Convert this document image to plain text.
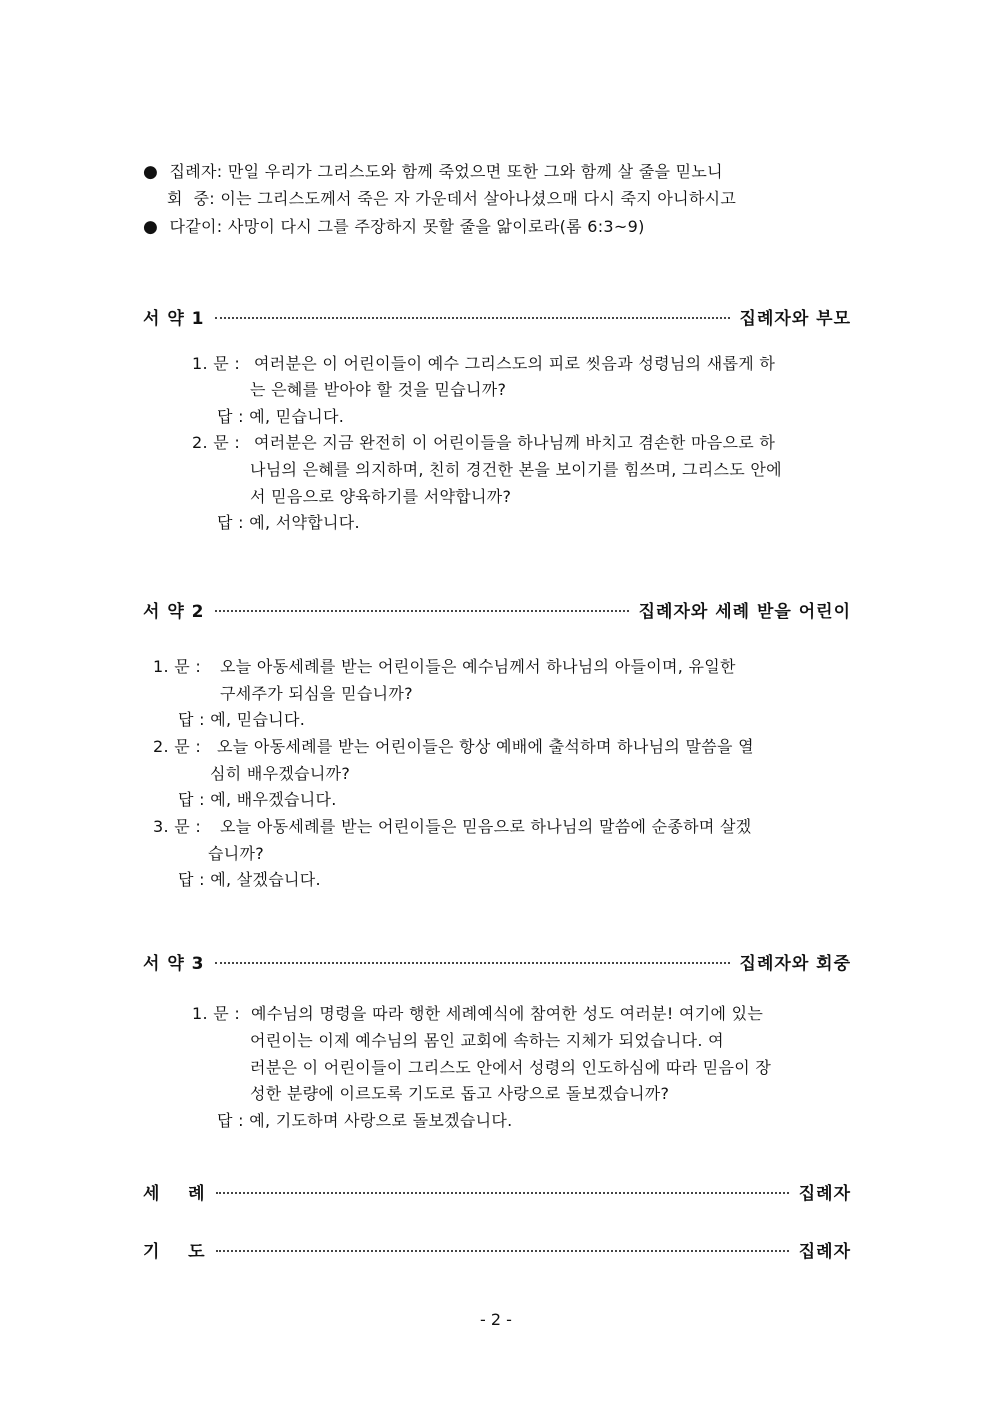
● 집례자: 만일 우리가 그리스도와 함께 죽었으면 또한 그와 함께 살 줄을 믿노니
회  중: 이는 그리스도께서 죽은 자 가운데서 살아나셨으매 다시 죽지 아니하시고
● 다같이: 사망이 다시 그를 주장하지 못할 줄을 앎이로라(롬 6:3~9)
서 약 1	집례자와 부모
1. 문 : 여러분은 이 어린이들이 예수 그리스도의 피로 씻음과 성령님의 새롭게 하
는 은혜를 받아야 할 것을 믿습니까?
답 : 예, 믿습니다.
2. 문 : 여러분은 지금 완전히 이 어린이들을 하나님께 바치고 겸손한 마음으로 하
나님의 은혜를 의지하며, 친히 경건한 본을 보이기를 힘쓰며, 그리스도 안에
서 믿음으로 양육하기를 서약합니까?
답 : 예, 서약합니다.
서 약 2	집례자와 세례 받을 어린이
1. 문 : 오늘 아동세례를 받는 어린이들은 예수님께서 하나님의 아들이며, 유일한
구세주가 되심을 믿습니까?
답 : 예, 믿습니다.
2. 문 : 오늘 아동세례를 받는 어린이들은 항상 예배에 출석하며 하나님의 말씀을 열
심히 배우겠습니까?
답 : 예, 배우겠습니다.
3. 문 : 오늘 아동세례를 받는 어린이들은 믿음으로 하나님의 말씀에 순종하며 살겠
습니까?
답 : 예, 살겠습니다.
서 약 3	집례자와 회중
1. 문 : 예수님의 명령을 따라 행한 세례예식에 참여한 성도 여러분! 여기에 있는
어린이는 이제 예수님의 몸인 교회에 속하는 지체가 되었습니다. 여
러분은 이 어린이들이 그리스도 안에서 성령의 인도하심에 따라 믿음이 장
성한 분량에 이르도록 기도로 돕고 사랑으로 돌보겠습니까?
답 : 예, 기도하며 사랑으로 돌보겠습니다.
세    례	집례자
기    도	집례자
- 2 -
